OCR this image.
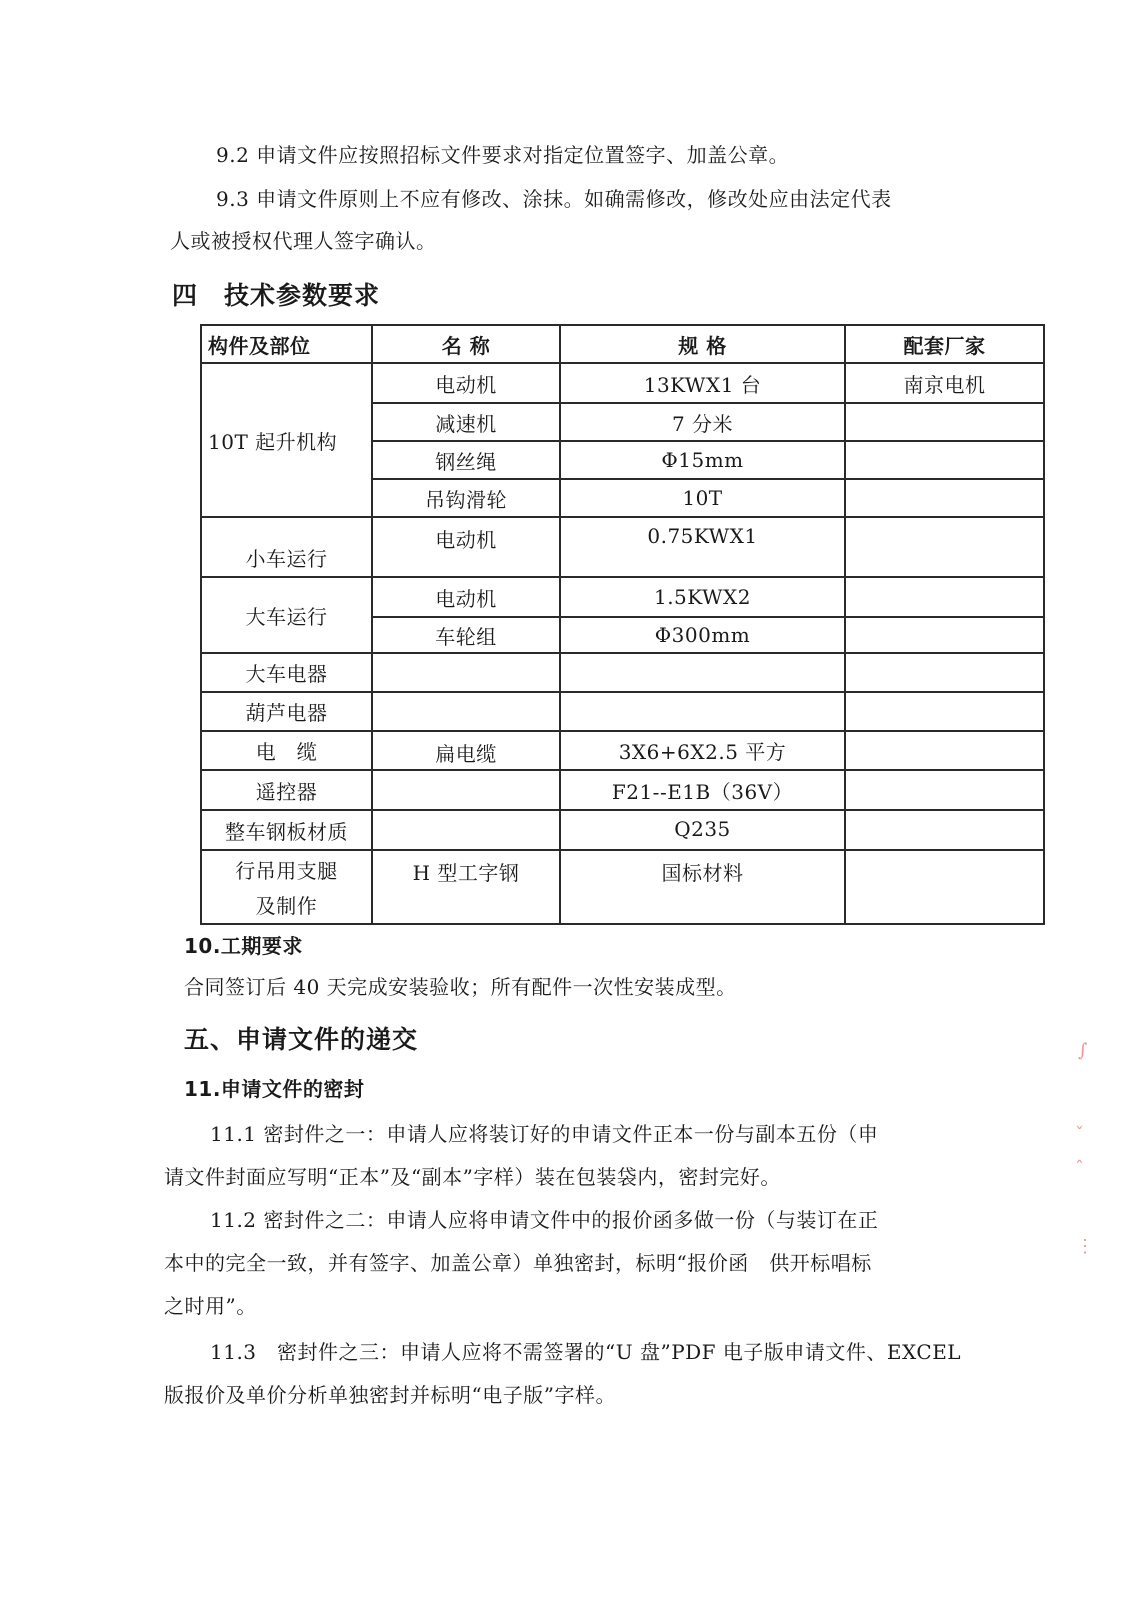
9.2 申请文件应按照招标文件要求对指定位置签字、加盖公章。

9.3 申请文件原则上不应有修改、涂抹。如确需修改，修改处应由法定代表

人或被授权代理人签字确认。

四　技术参数要求
构件及部位	名 称	规 格	配套厂家
10T 起升机构	电动机	13KWX1 台	南京电机
	减速机	7 分米	
	钢丝绳	Φ15mm	
	吊钩滑轮	10T	
小车运行	电动机	0.75KWX1	
大车运行	电动机	1.5KWX2	
	车轮组	Φ300mm	
大车电器			
葫芦电器			
电　缆	扁电缆	3X6+6X2.5 平方	
遥控器		F21--E1B（36V）	
整车钢板材质		Q235	

行吊用支腿
及制作	H 型工字钢	国标材料	
10.工期要求

合同签订后 40 天完成安装验收；所有配件一次性安装成型。

五、申请文件的递交
11.申请文件的密封

11.1 密封件之一：申请人应将装订好的申请文件正本一份与副本五份（申

请文件封面应写明“正本”及“副本”字样）装在包装袋内，密封完好。

11.2 密封件之二：申请人应将申请文件中的报价函多做一份（与装订在正

本中的完全一致，并有签字、加盖公章）单独密封，标明“报价函　供开标唱标

之时用”。

11.3　密封件之三：申请人应将不需签署的“U 盘”PDF 电子版申请文件、EXCEL

版报价及单价分析单独密封并标明“电子版”字样。

∫
ˇ
ˆ
⋮
